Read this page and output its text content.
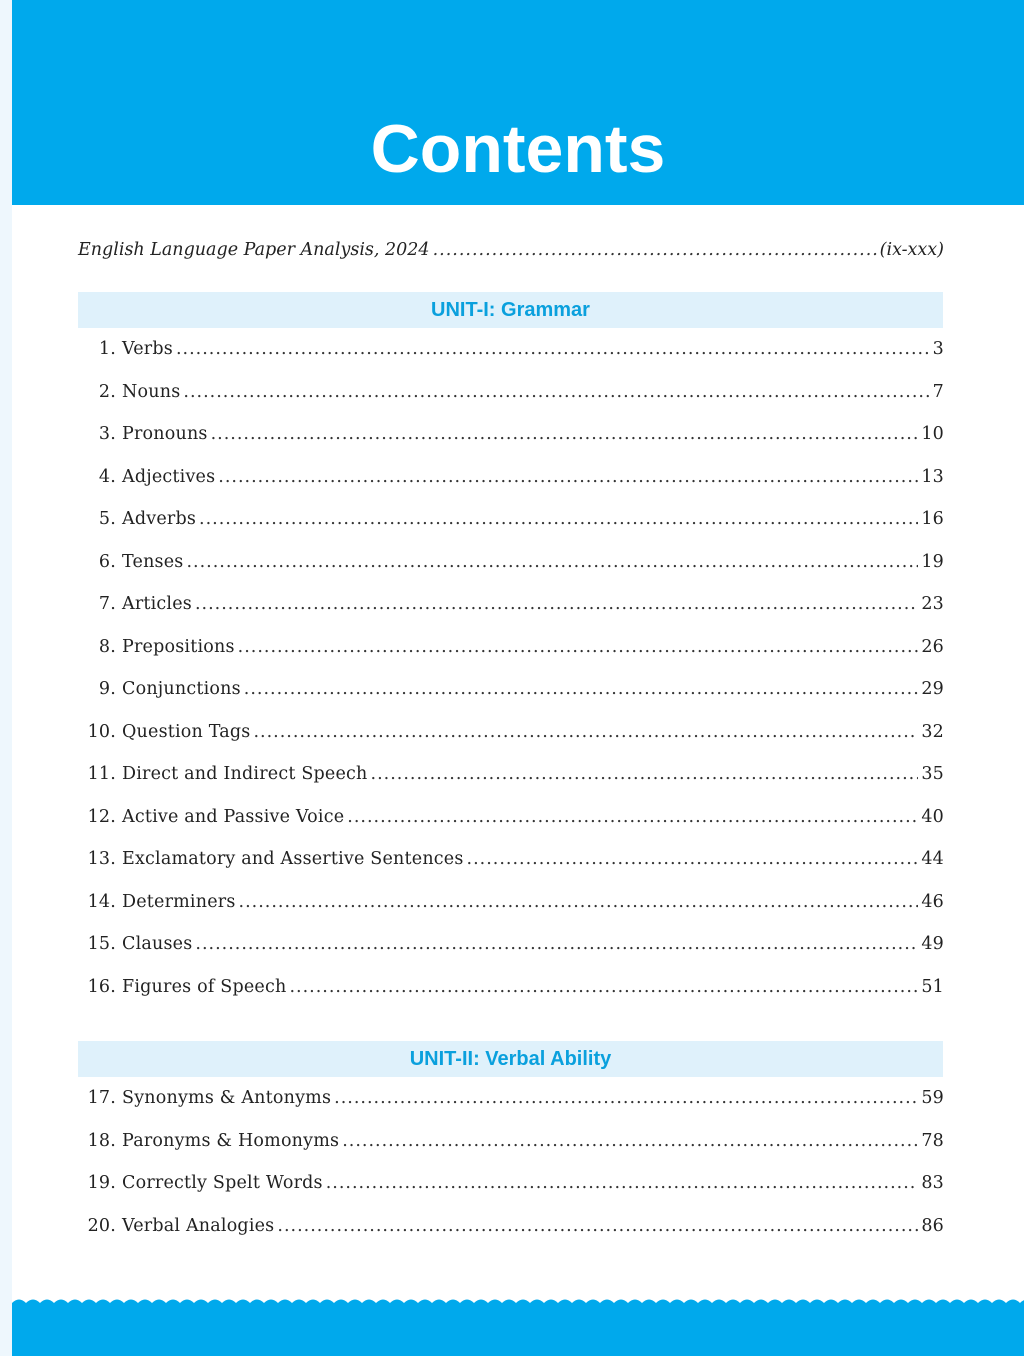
Contents
English Language Paper Analysis, 2024 .....	(ix-xxx)
UNIT-I: Grammar
1. Verbs .....	3
2. Nouns .....	7
3. Pronouns .....	10
4. Adjectives .....	13
5. Adverbs .....	16
6. Tenses .....	19
7. Articles .....	23
8. Prepositions .....	26
9. Conjunctions .....	29
10. Question Tags .....	32
11. Direct and Indirect Speech .....	35
12. Active and Passive Voice .....	40
13. Exclamatory and Assertive Sentences .....	44
14. Determiners .....	46
15. Clauses .....	49
16. Figures of Speech .....	51
UNIT-II: Verbal Ability
17. Synonyms & Antonyms .....	59
18. Paronyms & Homonyms .....	78
19. Correctly Spelt Words .....	83
20. Verbal Analogies .....	86
